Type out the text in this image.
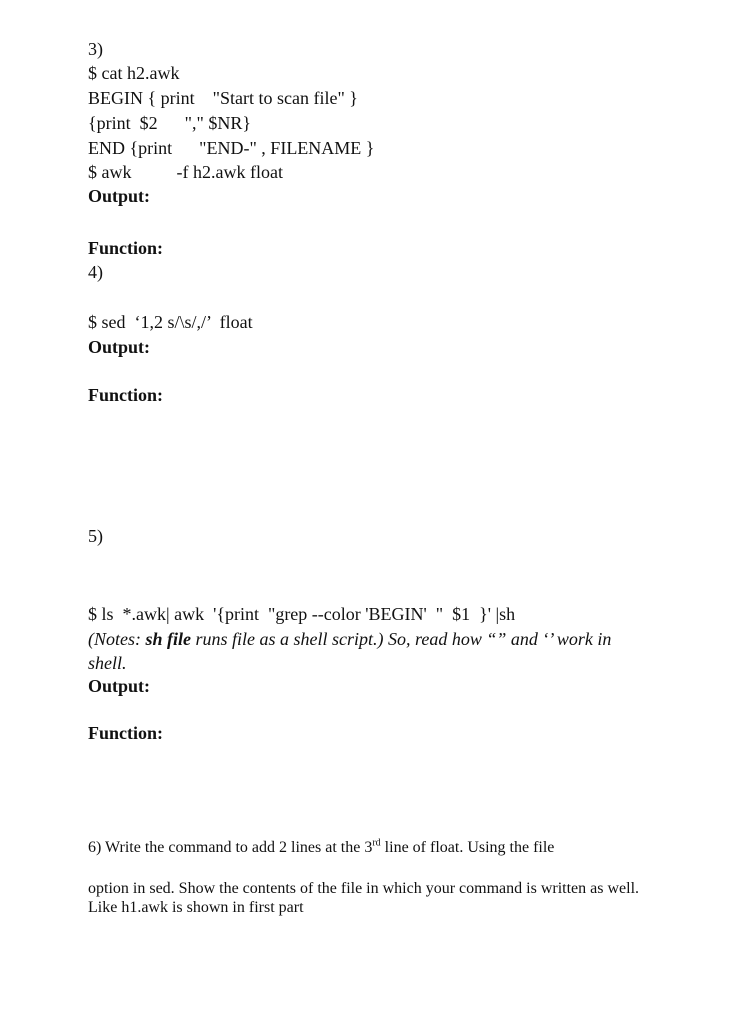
3)
$ cat h2.awk
BEGIN { print    "Start to scan file" }
{print  $2      "," $NR}
END {print      "END-" , FILENAME }
$ awk          -f h2.awk float
Output:
Function:
4)
$ sed  ‘1,2 s/\s/,/’  float
Output:
Function:
5)
$ ls  *.awk| awk  '{print  "grep --color 'BEGIN'  "  $1  }' |sh
(Notes: sh file runs file as a shell script.) So, read how “” and ‘’ work in
shell.
Output:
Function:
6) Write the command to add 2 lines at the 3rd line of float. Using the file
option in sed. Show the contents of the file in which your command is written as well.
Like h1.awk is shown in first part
